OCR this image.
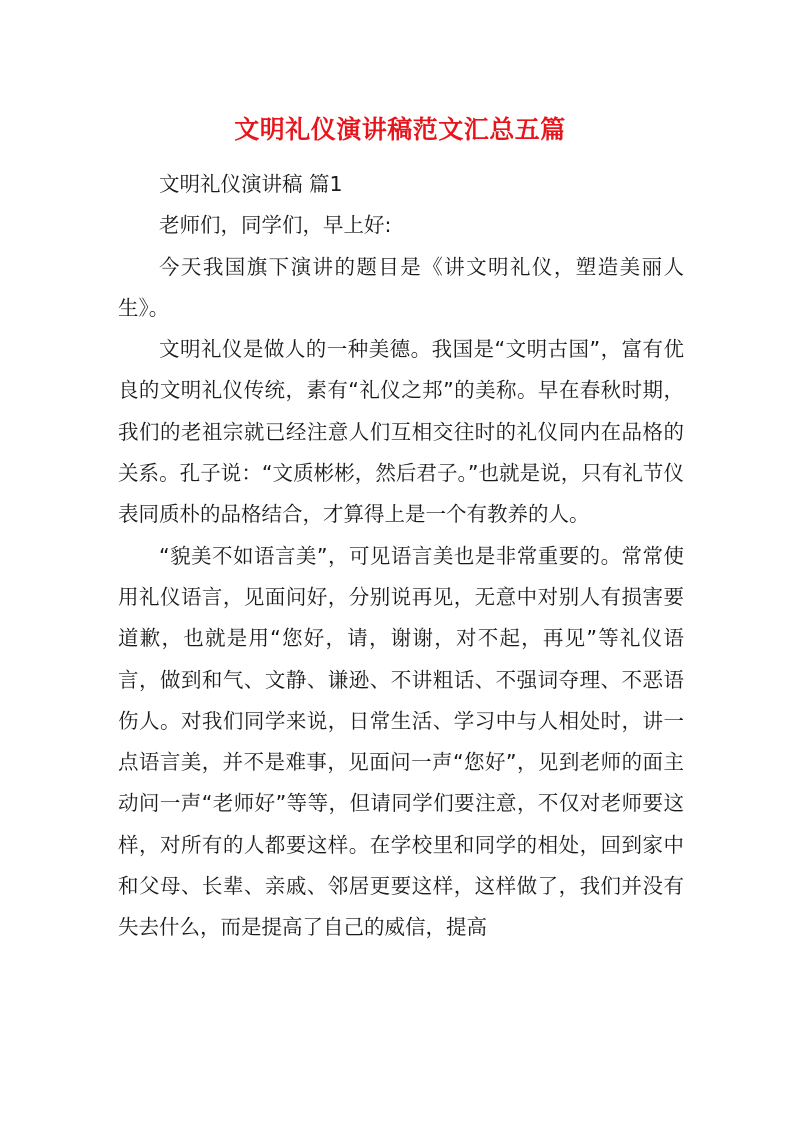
文明礼仪演讲稿范文汇总五篇

文明礼仪演讲稿 篇1

老师们，同学们，早上好:

今天我国旗下演讲的题目是《讲文明礼仪，塑造美丽人生》。

文明礼仪是做人的一种美德。我国是“文明古国”，富有优良的文明礼仪传统，素有“礼仪之邦”的美称。早在春秋时期，我们的老祖宗就已经注意人们互相交往时的礼仪同内在品格的关系。孔子说：“文质彬彬，然后君子。”也就是说，只有礼节仪表同质朴的品格结合，才算得上是一个有教养的人。

“貌美不如语言美”，可见语言美也是非常重要的。常常使用礼仪语言，见面问好，分别说再见，无意中对别人有损害要道歉，也就是用“您好，请，谢谢，对不起，再见”等礼仪语言，做到和气、文静、谦逊、不讲粗话、不强词夺理、不恶语伤人。对我们同学来说，日常生活、学习中与人相处时，讲一点语言美，并不是难事，见面问一声“您好”，见到老师的面主动问一声“老师好”等等，但请同学们要注意，不仅对老师要这样，对所有的人都要这样。在学校里和同学的相处，回到家中和父母、长辈、亲戚、邻居更要这样，这样做了，我们并没有失去什么，而是提高了自己的威信，提高
